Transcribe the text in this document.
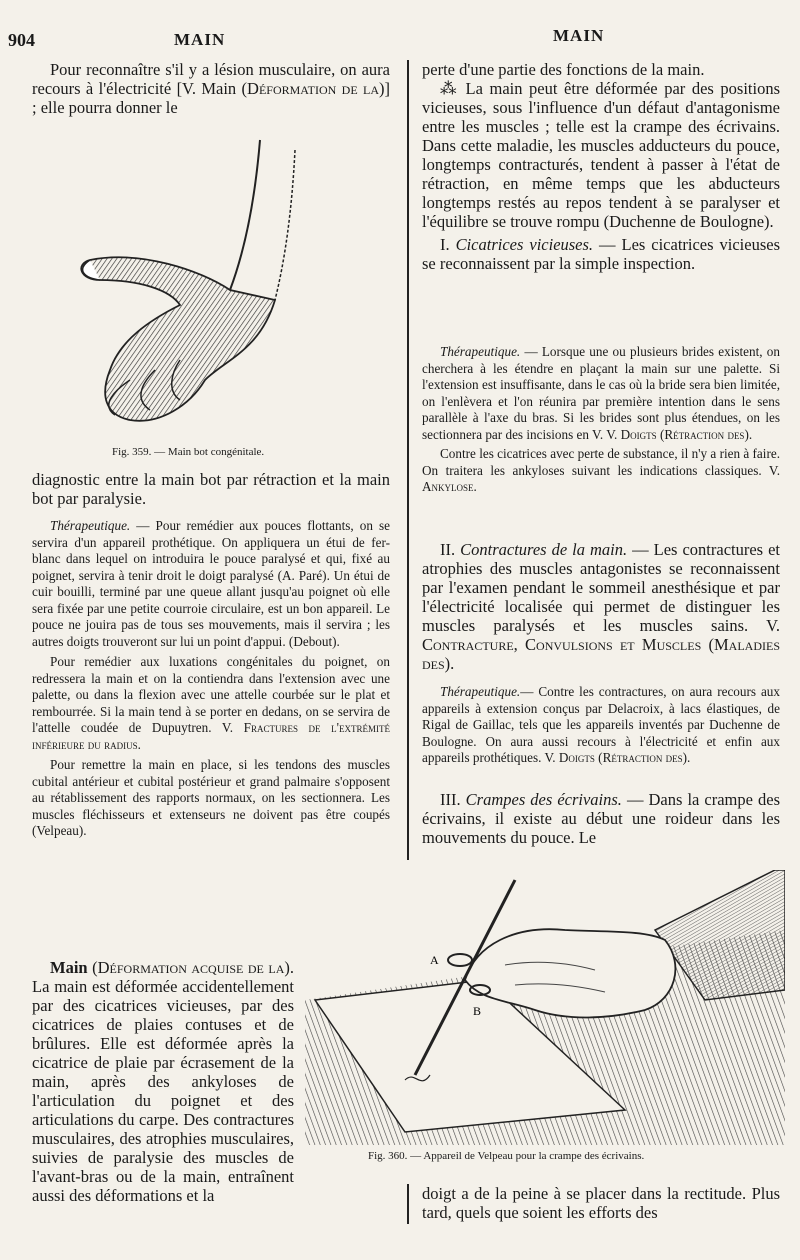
904	MAIN	MAIN

Pour reconnaître s'il y a lésion musculaire, on aura recours à l'électricité [V. Main (Déformation de la)] ; elle pourra donner le

Fig. 359. — Main bot congénitale.

diagnostic entre la main bot par rétraction et la main bot par paralysie.

Thérapeutique. — Pour remédier aux pouces flottants, on se servira d'un appareil prothétique. On appliquera un étui de fer-blanc dans lequel on introduira le pouce paralysé et qui, fixé au poignet, servira à tenir droit le doigt paralysé (A. Paré). Un étui de cuir bouilli, terminé par une queue allant jusqu'au poignet où elle sera fixée par une petite courroie circulaire, est un bon appareil. Le pouce ne jouira pas de tous ses mouvements, mais il servira ; les autres doigts trouveront sur lui un point d'appui. (Debout).

Pour remédier aux luxations congénitales du poignet, on redressera la main et on la contiendra dans l'extension avec une palette, ou dans la flexion avec une attelle courbée sur le plat et rembourrée. Si la main tend à se porter en dedans, on se servira de l'attelle coudée de Dupuytren. V. Fractures de l'extrémité inférieure du radius.

Pour remettre la main en place, si les tendons des muscles cubital antérieur et cubital postérieur et grand palmaire s'opposent au rétablissement des rapports normaux, on les sectionnera. Les muscles fléchisseurs et extenseurs ne doivent pas être coupés (Velpeau).

Main (Déformation acquise de la). La main est déformée accidentellement par des cicatrices vicieuses, par des cicatrices de plaies contuses et de brûlures. Elle est déformée après la cicatrice de plaie par écrasement de la main, après des ankyloses de l'articulation du poignet et des articulations du carpe. Des contractures musculaires, des atrophies musculaires, suivies de paralysie des muscles de l'avant-bras ou de la main, entraînent aussi des déformations et la

perte d'une partie des fonctions de la main.

⁂ La main peut être déformée par des positions vicieuses, sous l'influence d'un défaut d'antagonisme entre les muscles ; telle est la crampe des écrivains. Dans cette maladie, les muscles adducteurs du pouce, longtemps contracturés, tendent à passer à l'état de rétraction, en même temps que les abducteurs longtemps restés au repos tendent à se paralyser et l'équilibre se trouve rompu (Duchenne de Boulogne).

I. Cicatrices vicieuses. — Les cicatrices vicieuses se reconnaissent par la simple inspection.

Thérapeutique. — Lorsque une ou plusieurs brides existent, on cherchera à les étendre en plaçant la main sur une palette. Si l'extension est insuffisante, dans le cas où la bride sera bien limitée, on l'enlèvera et l'on réunira par première intention dans le sens parallèle à l'axe du bras. Si les brides sont plus étendues, on les sectionnera par des incisions en V. V. Doigts (Rétraction des).

Contre les cicatrices avec perte de substance, il n'y a rien à faire. On traitera les ankyloses suivant les indications classiques. V. Ankylose.

II. Contractures de la main. — Les contractures et atrophies des muscles antagonistes se reconnaissent par l'examen pendant le sommeil anesthésique et par l'électricité localisée qui permet de distinguer les muscles paralysés et les muscles sains. V. Contracture, Convulsions et Muscles (Maladies des).

Thérapeutique.— Contre les contractures, on aura recours aux appareils à extension conçus par Delacroix, à lacs élastiques, de Rigal de Gaillac, tels que les appareils inventés par Duchenne de Boulogne. On aura aussi recours à l'électricité et enfin aux appareils prothétiques. V. Doigts (Rétraction des).

III. Crampes des écrivains. — Dans la crampe des écrivains, il existe au début une roideur dans les mouvements du pouce. Le

A
B
Fig. 360. — Appareil de Velpeau pour la crampe des écrivains.

doigt a de la peine à se placer dans la rectitude. Plus tard, quels que soient les efforts des
